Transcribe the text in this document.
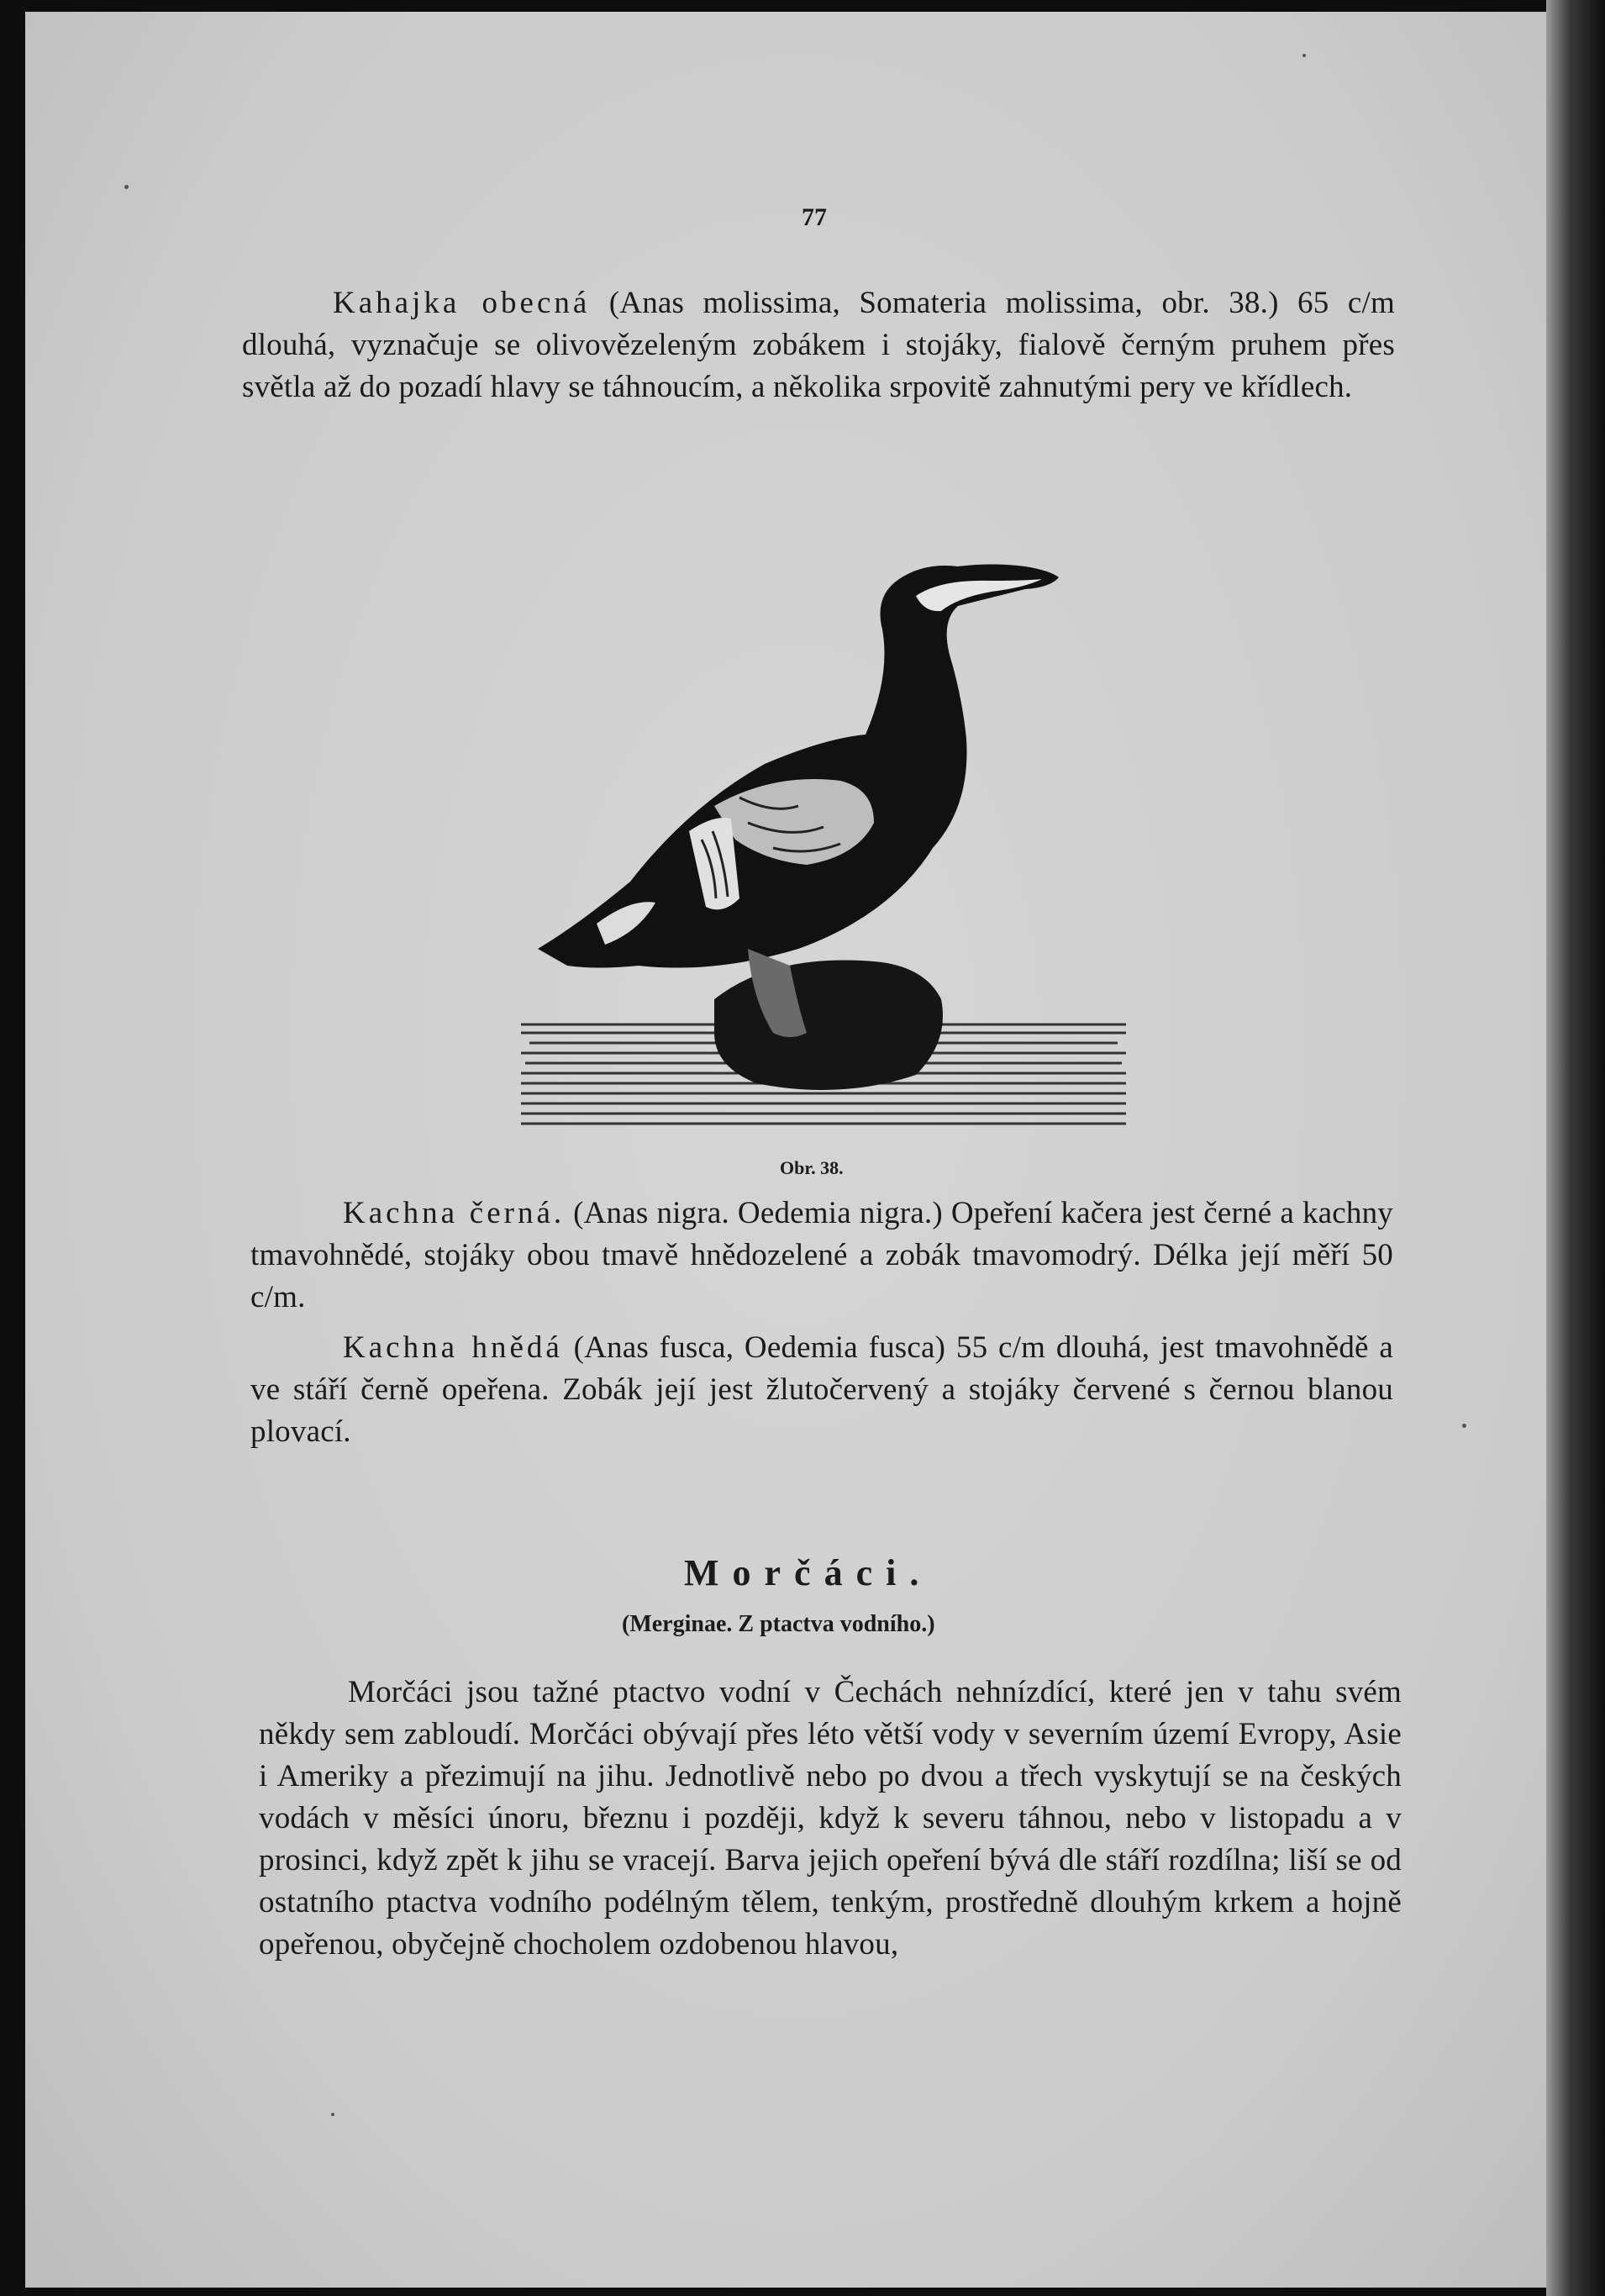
77

Kahajka obecná (Anas molissima, Somateria molissima, obr. 38.) 65 c/m dlouhá, vyznačuje se olivovězeleným zobákem i stojáky, fialově černým pruhem přes světla až do pozadí hlavy se táhnoucím, a několika srpovitě zahnutými pery ve křídlech.

Obr. 38.

Kachna černá. (Anas nigra. Oedemia nigra.) Opeření kačera jest černé a kachny tmavohnědé, stojáky obou tmavě hnědozelené a zobák tmavomodrý. Délka její měří 50 c/m.

Kachna hnědá (Anas fusca, Oedemia fusca) 55 c/m dlouhá, jest tmavohnědě a ve stáří černě opeřena. Zobák její jest žlutočervený a stojáky červené s černou blanou plovací.

Morčáci.
(Merginae. Z ptactva vodního.)

Morčáci jsou tažné ptactvo vodní v Čechách nehnízdící, které jen v tahu svém někdy sem zabloudí. Morčáci obývají přes léto větší vody v severním území Evropy, Asie i Ameriky a přezimují na jihu. Jednotlivě nebo po dvou a třech vyskytují se na českých vodách v měsíci únoru, březnu i později, když k severu táhnou, nebo v listopadu a v prosinci, když zpět k jihu se vracejí. Barva jejich opeření bývá dle stáří rozdílna; liší se od ostatního ptactva vodního podélným tělem, tenkým, prostředně dlouhým krkem a hojně opeřenou, obyčejně chocholem ozdobenou hlavou,
